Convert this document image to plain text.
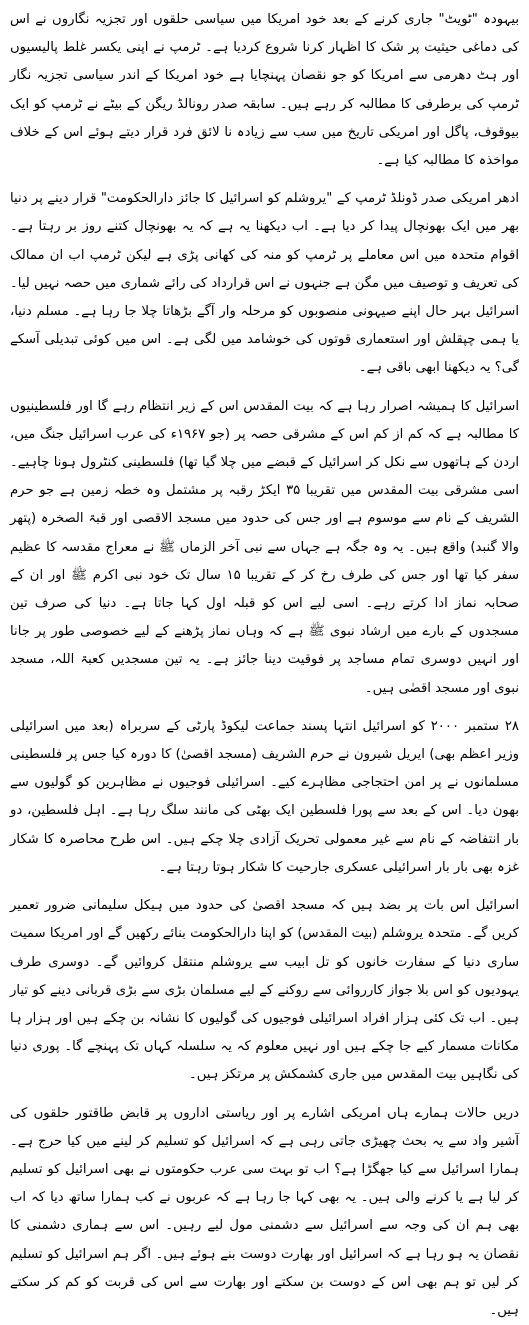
بیہودہ "ٹویٹ" جاری کرنے کے بعد خود امریکا میں سیاسی حلقوں اور تجزیہ نگاروں نے اس کی دماغی حیثیت پر شک کا اظہار کرنا شروع کردیا ہے۔ ٹرمپ نے اپنی یکسر غلط پالیسیوں اور ہٹ دھرمی سے امریکا کو جو نقصان پہنچایا ہے خود امریکا کے اندر سیاسی تجزیہ نگار ٹرمپ کی برطرفی کا مطالبہ کر رہے ہیں۔ سابقہ صدر رونالڈ ریگن کے بیٹے نے ٹرمپ کو ایک بیوقوف، پاگل اور امریکی تاریخ میں سب سے زیادہ نا لائق فرد قرار دیتے ہوئے اس کے خلاف مواخذہ کا مطالبہ کیا ہے۔

ادھر امریکی صدر ڈونلڈ ٹرمپ کے "یروشلم کو اسرائیل کا جائز دارالحکومت" قرار دینے پر دنیا بھر میں ایک بھونچال پیدا کر دیا ہے۔ اب دیکھنا یہ ہے کہ یہ بھونچال کتنے روز بر رہتا ہے۔ اقوام متحدہ میں اس معاملے پر ٹرمپ کو منہ کی کھانی پڑی ہے لیکن ٹرمپ اب ان ممالک کی تعریف و توصیف میں مگن ہے جنہوں نے اس قرارداد کی رائے شماری میں حصہ نہیں لیا۔ اسرائیل بہر حال اپنے صیہونی منصوبوں کو مرحلہ وار آگے بڑھاتا چلا جا رہا ہے۔ مسلم دنیا، یا ہمی چپقلش اور استعماری قوتوں کی خوشامد میں لگی ہے۔ اس میں کوئی تبدیلی آسکے گی؟ یہ دیکھنا ابھی باقی ہے۔

اسرائیل کا ہمیشہ اصرار رہا ہے کہ بیت المقدس اس کے زیر انتظام رہے گا اور فلسطینیوں کا مطالبہ ہے کہ کم از کم اس کے مشرقی حصہ پر (جو ۱۹۶۷ء کی عرب اسرائیل جنگ میں، اردن کے ہاتھوں سے نکل کر اسرائیل کے قبضے میں چلا گیا تھا) فلسطینی کنٹرول ہونا چاہیے۔ اسی مشرقی بیت المقدس میں تقریبا ۳۵ ایکڑ رقبہ پر مشتمل وہ خطہ زمین ہے جو حرم الشریف کے نام سے موسوم ہے اور جس کی حدود میں مسجد الاقصی اور قبۃ الصخرہ (پتھر والا گنبد) واقع ہیں۔ یہ وہ جگہ ہے جہاں سے نبی آخر الزماں ﷺ نے معراج مقدسہ کا عظیم سفر کیا تھا اور جس کی طرف رخ کر کے تقریبا ۱۵ سال تک خود نبی اکرم ﷺ اور ان کے صحابہ نماز ادا کرتے رہے۔ اسی لیے اس کو قبلہ اول کہا جاتا ہے۔ دنیا کی صرف تین مسجدوں کے بارے میں ارشاد نبوی ﷺ ہے کہ وہاں نماز پڑھنے کے لیے خصوصی طور پر جانا اور انہیں دوسری تمام مساجد پر فوقیت دینا جائز ہے۔ یہ تین مسجدیں کعبۃ اللہ، مسجد نبوی اور مسجد اقصٰی ہیں۔

۲۸ ستمبر ۲۰۰۰ کو اسرائیل انتہا پسند جماعت لیکوڈ پارٹی کے سربراہ (بعد میں اسرائیلی وزیر اعظم بھی) ایریل شیرون نے حرم الشریف (مسجد اقصیٰ) کا دورہ کیا جس پر فلسطینی مسلمانوں نے پر امن احتجاجی مظاہرے کیے۔ اسرائیلی فوجیوں نے مظاہرین کو گولیوں سے بھون دیا۔ اس کے بعد سے پورا فلسطین ایک بھٹی کی مانند سلگ رہا ہے۔ اہل فلسطین، دو بار انتفاضہ کے نام سے غیر معمولی تحریک آزادی چلا چکے ہیں۔ اس طرح محاصرہ کا شکار غزہ بھی بار بار اسرائیلی عسکری جارحیت کا شکار ہوتا رہتا ہے۔

اسرائیل اس بات پر بضد ہیں کہ مسجد اقصیٰ کی حدود میں ہیکل سلیمانی ضرور تعمیر کریں گے۔ متحدہ یروشلم (بیت المقدس) کو اپنا دارالحکومت بنائے رکھیں گے اور امریکا سمیت ساری دنیا کے سفارت خانوں کو تل ابیب سے یروشلم منتقل کروائیں گے۔ دوسری طرف یہودیوں کو اس بلا جواز کارروائی سے روکنے کے لیے مسلمان بڑی سے بڑی قربانی دینے کو تیار ہیں۔ اب تک کئی ہزار افراد اسرائیلی فوجیوں کی گولیوں کا نشانہ بن چکے ہیں اور ہزار ہا مکانات مسمار کیے جا چکے ہیں اور نہیں معلوم کہ یہ سلسلہ کہاں تک پہنچے گا۔ پوری دنیا کی نگاہیں بیت المقدس میں جاری کشمکش پر مرتکز ہیں۔

دریں حالات ہمارے ہاں امریکی اشارے پر اور ریاستی اداروں پر قابض طاقتور حلقوں کی آشیر واد سے یہ بحث چھیڑی جاتی رہی ہے کہ اسرائیل کو تسلیم کر لینے میں کیا حرج ہے۔ ہمارا اسرائیل سے کیا جھگڑا ہے؟ اب تو بہت سی عرب حکومتوں نے بھی اسرائیل کو تسلیم کر لیا ہے یا کرنے والی ہیں۔ یہ بھی کہا جا رہا ہے کہ عربوں نے کب ہمارا ساتھ دیا کہ اب بھی ہم ان کی وجہ سے اسرائیل سے دشمنی مول لیے رہیں۔ اس سے ہماری دشمنی کا نقصان یہ ہو رہا ہے کہ اسرائیل اور بھارت دوست بنے ہوئے ہیں۔ اگر ہم اسرائیل کو تسلیم کر لیں تو ہم بھی اس کے دوست بن سکتے اور بھارت سے اس کی قربت کو کم کر سکتے ہیں۔
